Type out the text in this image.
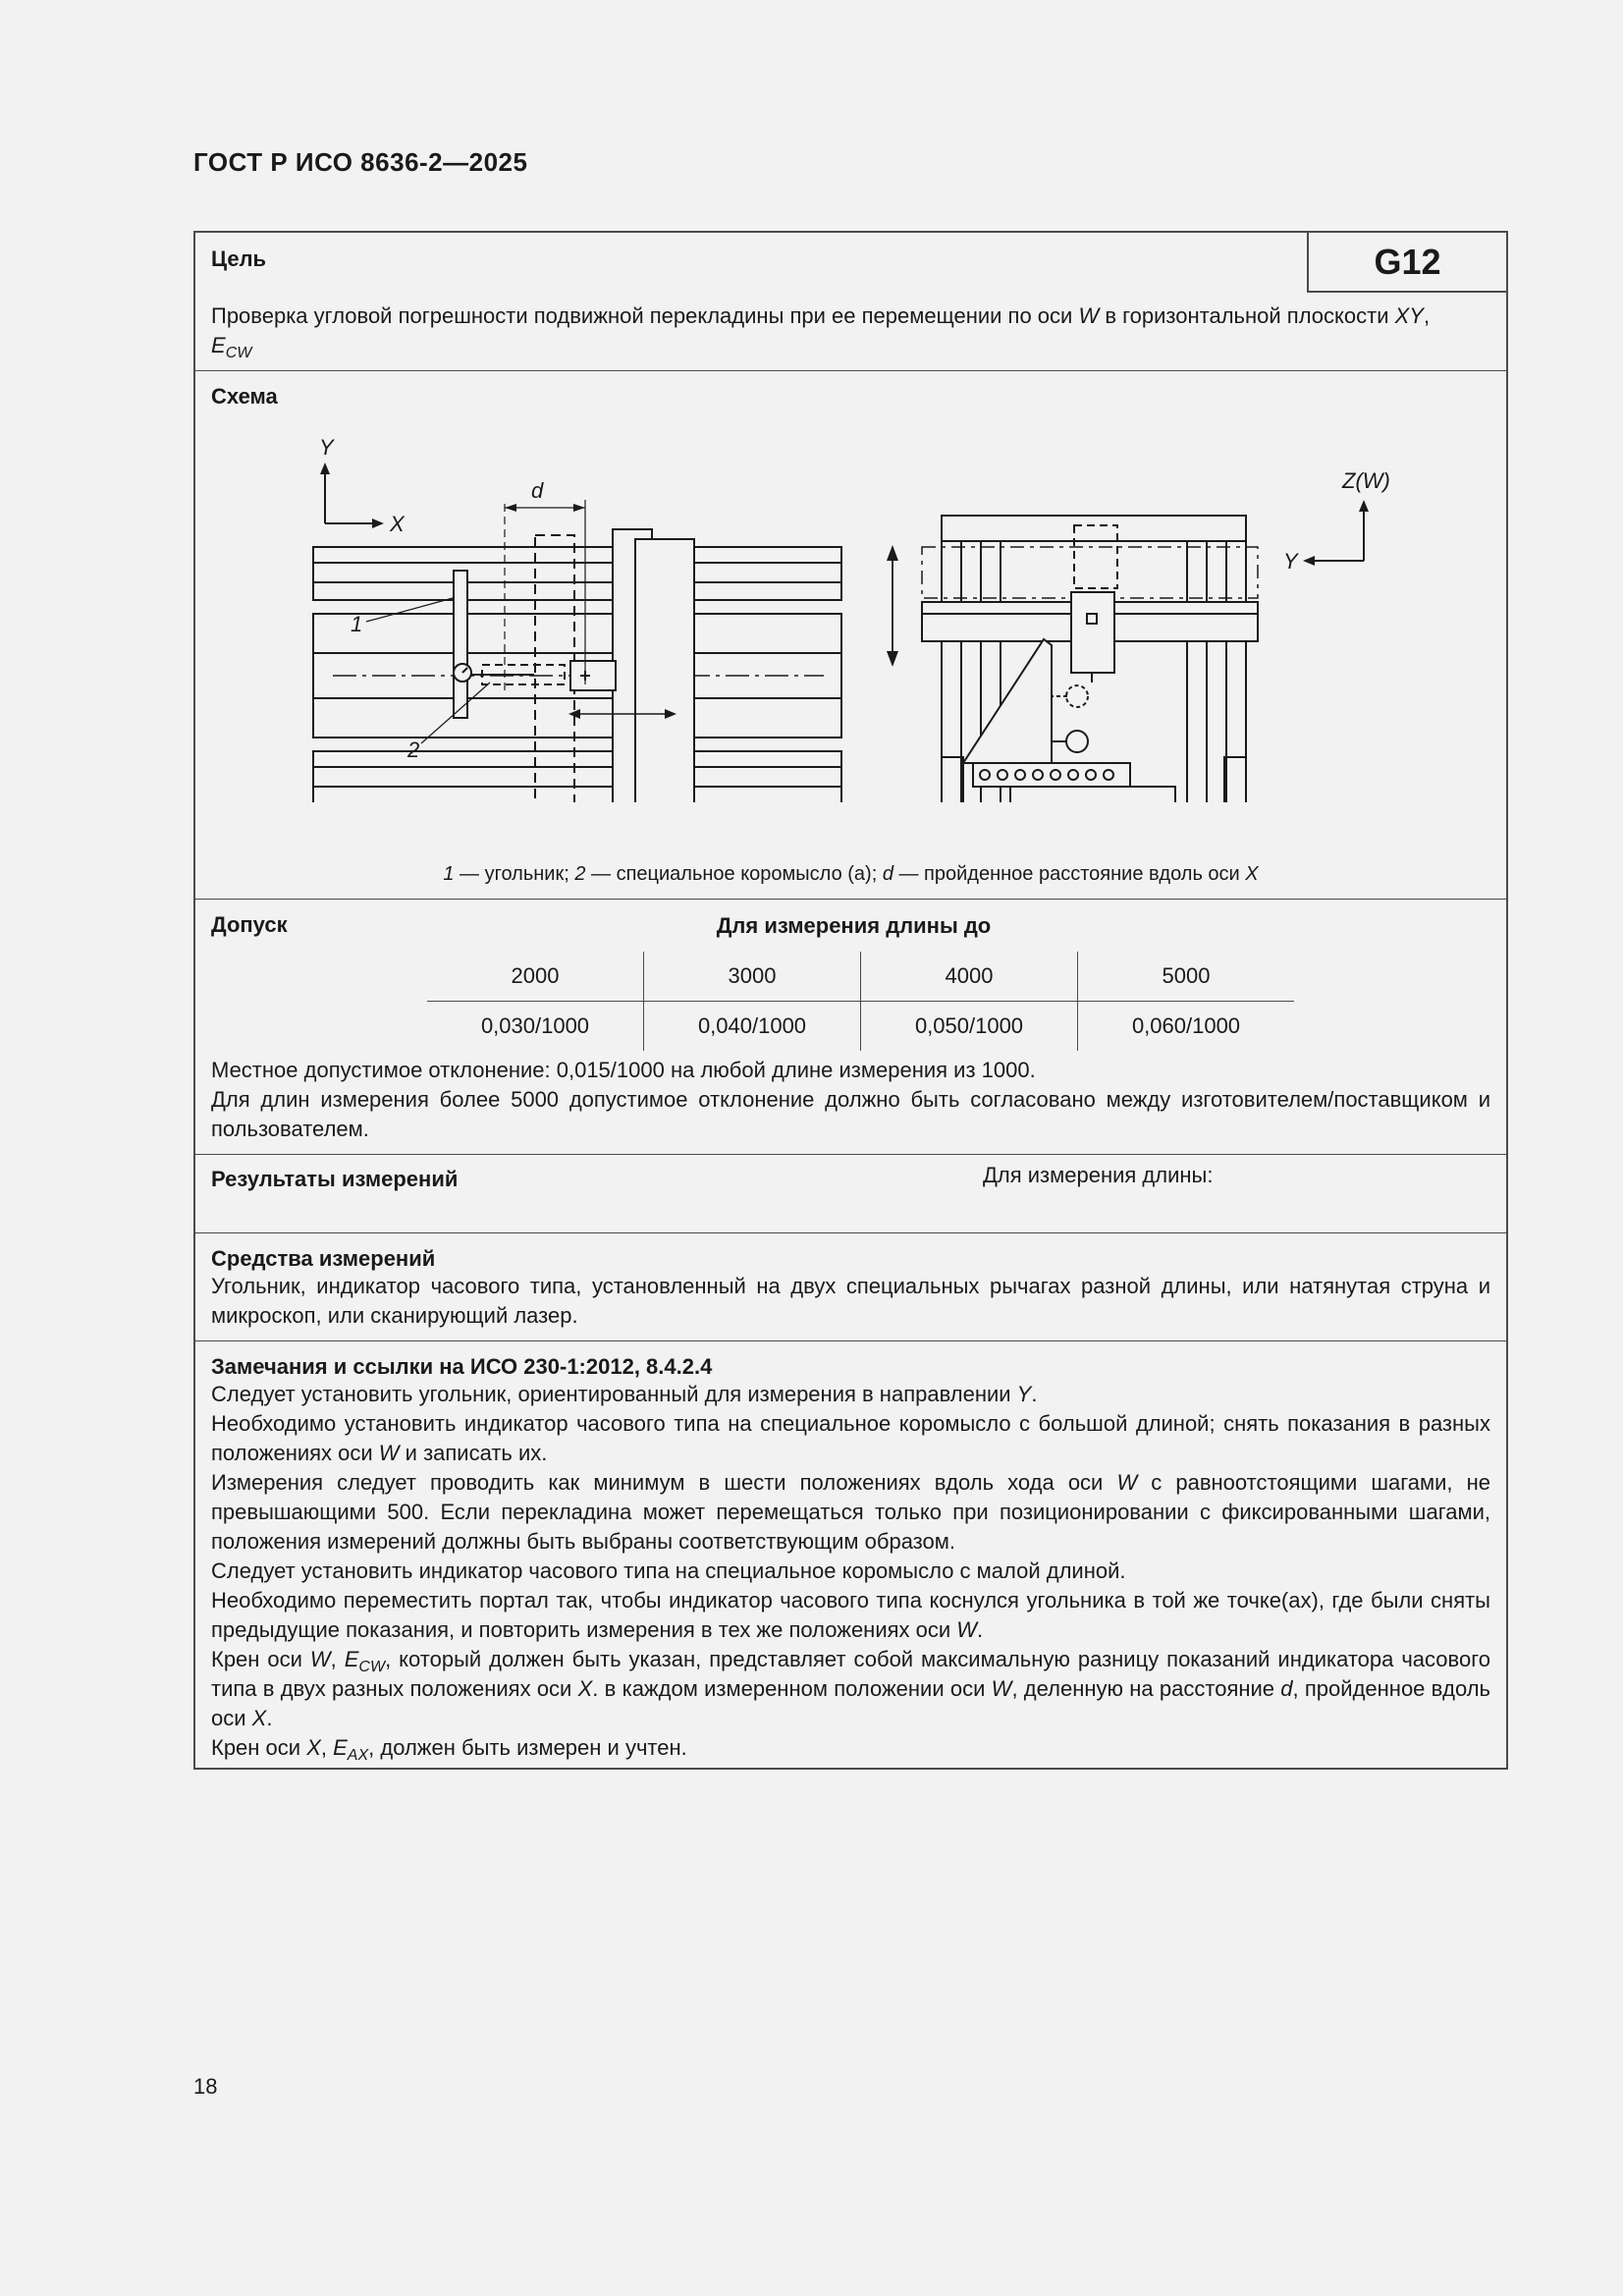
ГОСТ Р ИСО 8636-2—2025
Цель	G12
Проверка угловой погрешности подвижной перекладины при ее перемещении по оси W в горизонтальной плоскости XY, $E_{CW}$
Схема
Y
X
d
1
2
Z(W)
Y
1 — угольник; 2 — специальное коромысло (а); d — пройденное расстояние вдоль оси X
Допуск	Для измерения длины до
2000	3000	4000	5000
0,030/1000	0,040/1000	0,050/1000	0,060/1000

Местное допустимое отклонение: 0,015/1000 на любой длине измерения из 1000.

Для длин измерения более 5000 допустимое отклонение должно быть согласовано между изготовителем/поставщиком и пользователем.

Результаты измерений	Для измерения длины:
Средства измерений
Угольник, индикатор часового типа, установленный на двух специальных рычагах разной длины, или натянутая струна и микроскоп, или сканирующий лазер.
Замечания и ссылки на ИСО 230-1:2012, 8.4.2.4

Следует установить угольник, ориентированный для измерения в направлении Y.

Необходимо установить индикатор часового типа на специальное коромысло с большой длиной; снять показания в разных положениях оси W и записать их.

Измерения следует проводить как минимум в шести положениях вдоль хода оси W с равноотстоящими шагами, не превышающими 500. Если перекладина может перемещаться только при позиционировании с фиксированными шагами, положения измерений должны быть выбраны соответствующим образом.

Следует установить индикатор часового типа на специальное коромысло с малой длиной.

Необходимо переместить портал так, чтобы индикатор часового типа коснулся угольника в той же точке(ах), где были сняты предыдущие показания, и повторить измерения в тех же положениях оси W.

Крен оси W, $E_{CW}$, который должен быть указан, представляет собой максимальную разницу показаний индикатора часового типа в двух разных положениях оси X. в каждом измеренном положении оси W, деленную на расстояние d, пройденное вдоль оси X.

Крен оси X, $E_{AX}$, должен быть измерен и учтен.

18
